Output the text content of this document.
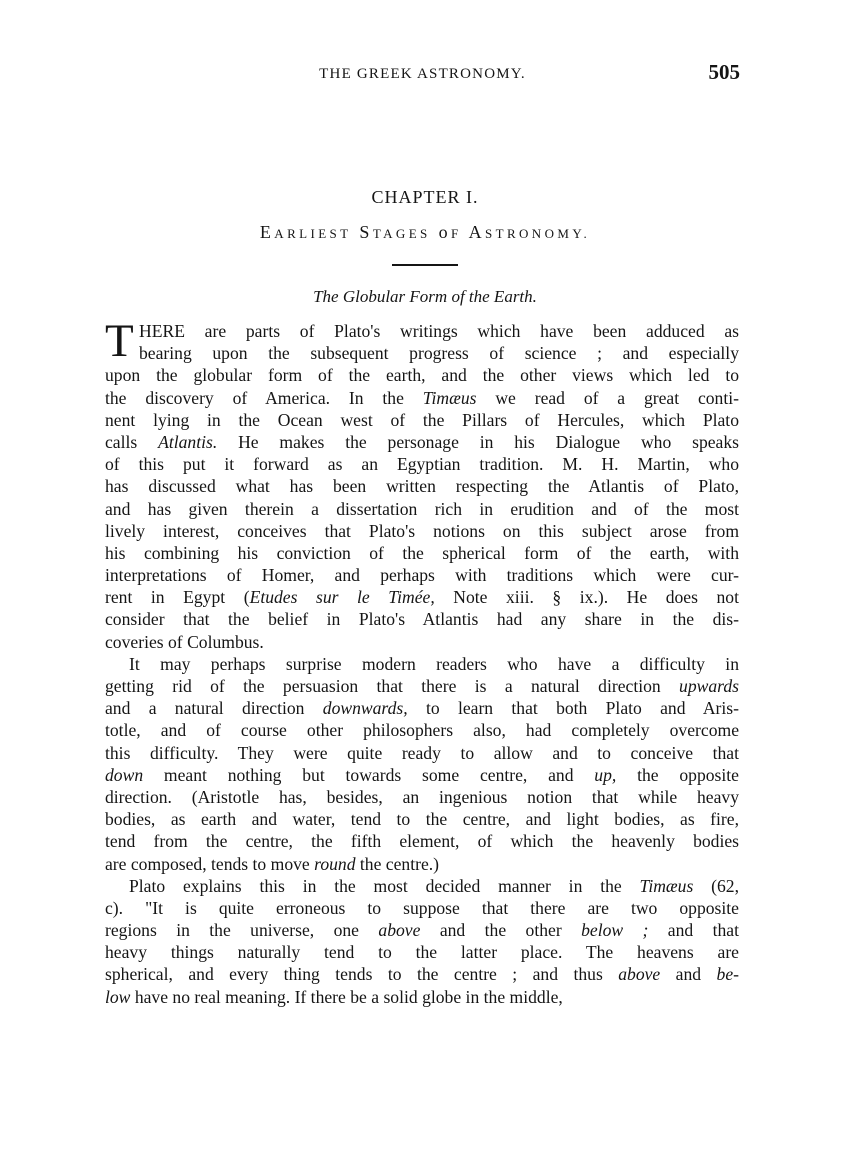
THE GREEK ASTRONOMY.	505
CHAPTER I.
EARLIEST STAGES oF ASTRONOMY.
The Globular Form of the Earth.
T HERE are parts of Plato's writings which have been adduced as
bearing upon the subsequent progress of science ; and especially
upon the globular form of the earth, and the other views which led to
the discovery of America. In the Timæus we read of a great conti-
nent lying in the Ocean west of the Pillars of Hercules, which Plato
calls Atlantis. He makes the personage in his Dialogue who speaks
of this put it forward as an Egyptian tradition. M. H. Martin, who
has discussed what has been written respecting the Atlantis of Plato,
and has given therein a dissertation rich in erudition and of the most
lively interest, conceives that Plato's notions on this subject arose from
his combining his conviction of the spherical form of the earth, with
interpretations of Homer, and perhaps with traditions which were cur-
rent in Egypt (Etudes sur le Timée, Note xiii. § ix.). He does not
consider that the belief in Plato's Atlantis had any share in the dis-
coveries of Columbus.
It may perhaps surprise modern readers who have a difficulty in
getting rid of the persuasion that there is a natural direction upwards
and a natural direction downwards, to learn that both Plato and Aris-
totle, and of course other philosophers also, had completely overcome
this difficulty. They were quite ready to allow and to conceive that
down meant nothing but towards some centre, and up, the opposite
direction. (Aristotle has, besides, an ingenious notion that while heavy
bodies, as earth and water, tend to the centre, and light bodies, as fire,
tend from the centre, the fifth element, of which the heavenly bodies
are composed, tends to move round the centre.)
Plato explains this in the most decided manner in the Timæus (62,
c). "It is quite erroneous to suppose that there are two opposite
regions in the universe, one above and the other below ; and that
heavy things naturally tend to the latter place. The heavens are
spherical, and every thing tends to the centre ; and thus above and be-
low have no real meaning. If there be a solid globe in the middle,
